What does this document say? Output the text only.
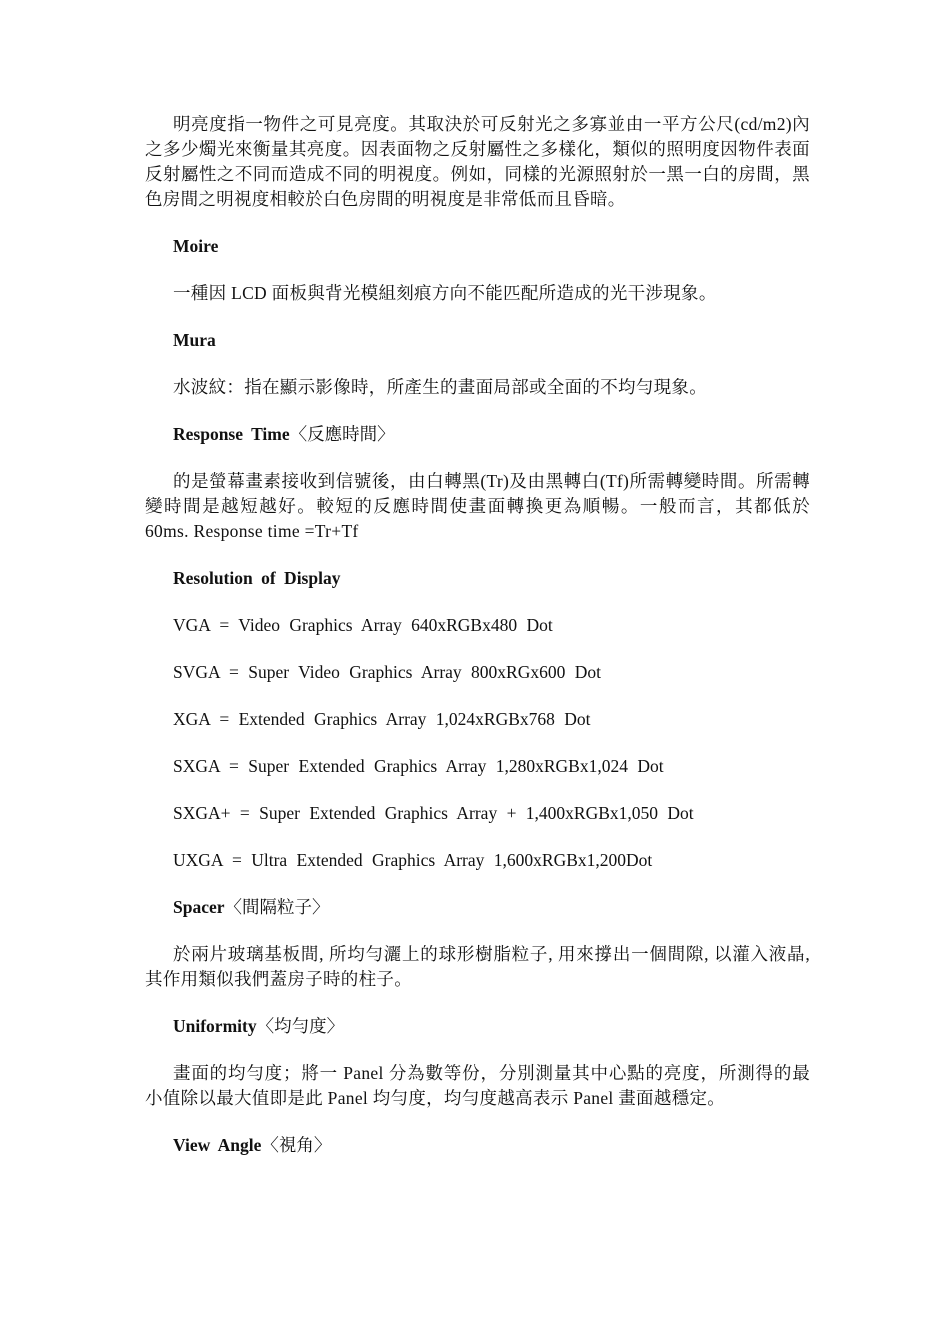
明亮度指一物件之可見亮度。其取決於可反射光之多寡並由一平方公尺(cd/m2)內之多少燭光來衡量其亮度。因表面物之反射屬性之多樣化，類似的照明度因物件表面反射屬性之不同而造成不同的明視度。例如，同樣的光源照射於一黑一白的房間，黑色房間之明視度相較於白色房間的明視度是非常低而且昏暗。

Moire

一種因 LCD 面板與背光模組刻痕方向不能匹配所造成的光干涉現象。

Mura

水波紋：指在顯示影像時，所產生的畫面局部或全面的不均勻現象。

Response Time〈反應時間〉

的是螢幕畫素接收到信號後，由白轉黑(Tr)及由黑轉白(Tf)所需轉變時間。所需轉變時間是越短越好。較短的反應時間使畫面轉換更為順暢。一般而言，其都低於 60ms. Response time =Tr+Tf

Resolution of Display

VGA = Video Graphics Array 640xRGBx480 Dot

SVGA = Super Video Graphics Array 800xRGx600 Dot

XGA = Extended Graphics Array 1,024xRGBx768 Dot

SXGA = Super Extended Graphics Array 1,280xRGBx1,024 Dot

SXGA+ = Super Extended Graphics Array + 1,400xRGBx1,050 Dot

UXGA = Ultra Extended Graphics Array 1,600xRGBx1,200Dot

Spacer〈間隔粒子〉

於兩片玻璃基板間, 所均勻灑上的球形樹脂粒子, 用來撐出一個間隙, 以灌入液晶, 其作用類似我們蓋房子時的柱子。

Uniformity〈均勻度〉

畫面的均勻度；將一 Panel 分為數等份，分別測量其中心點的亮度，所測得的最小值除以最大值即是此 Panel 均勻度，均勻度越高表示 Panel 畫面越穩定。

View Angle〈視角〉
